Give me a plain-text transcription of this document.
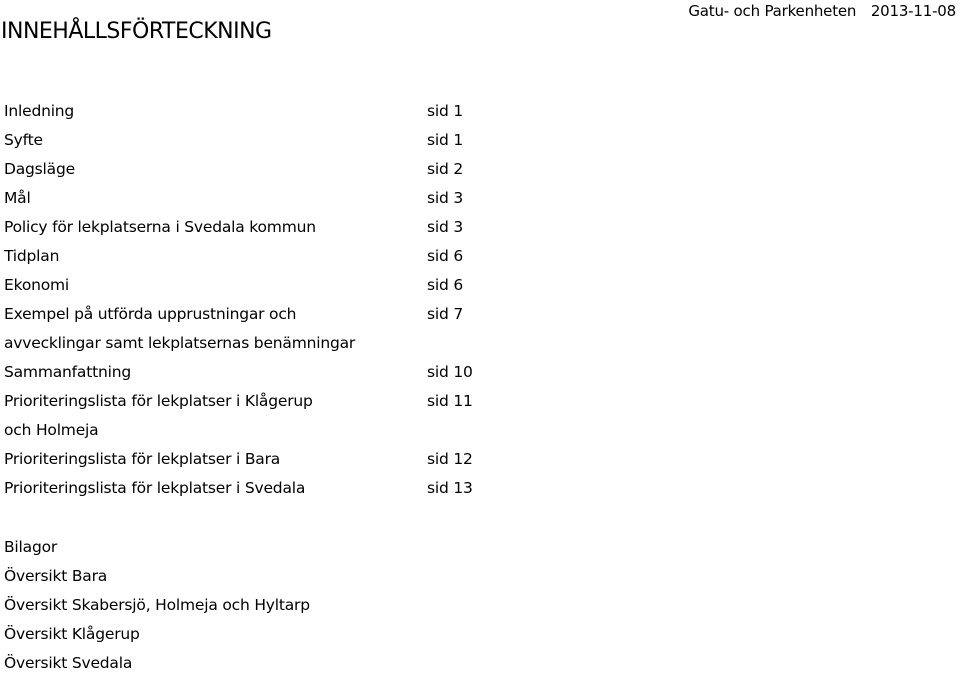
INNEHÅLLSFÖRTECKNING
Gatu- och Parkenheten 2013-11-08
Inledning	sid 1
Syfte	sid 1
Dagsläge	sid 2
Mål	sid 3
Policy för lekplatserna i Svedala kommun	sid 3
Tidplan	sid 6
Ekonomi	sid 6
Exempel på utförda upprustningar och	sid 7
avvecklingar samt lekplatsernas benämningar
Sammanfattning	sid 10
Prioriteringslista för lekplatser i Klågerup	sid 11
och Holmeja
Prioriteringslista för lekplatser i Bara	sid 12
Prioriteringslista för lekplatser i Svedala	sid 13
Bilagor
Översikt Bara
Översikt Skabersjö, Holmeja och Hyltarp
Översikt Klågerup
Översikt Svedala
